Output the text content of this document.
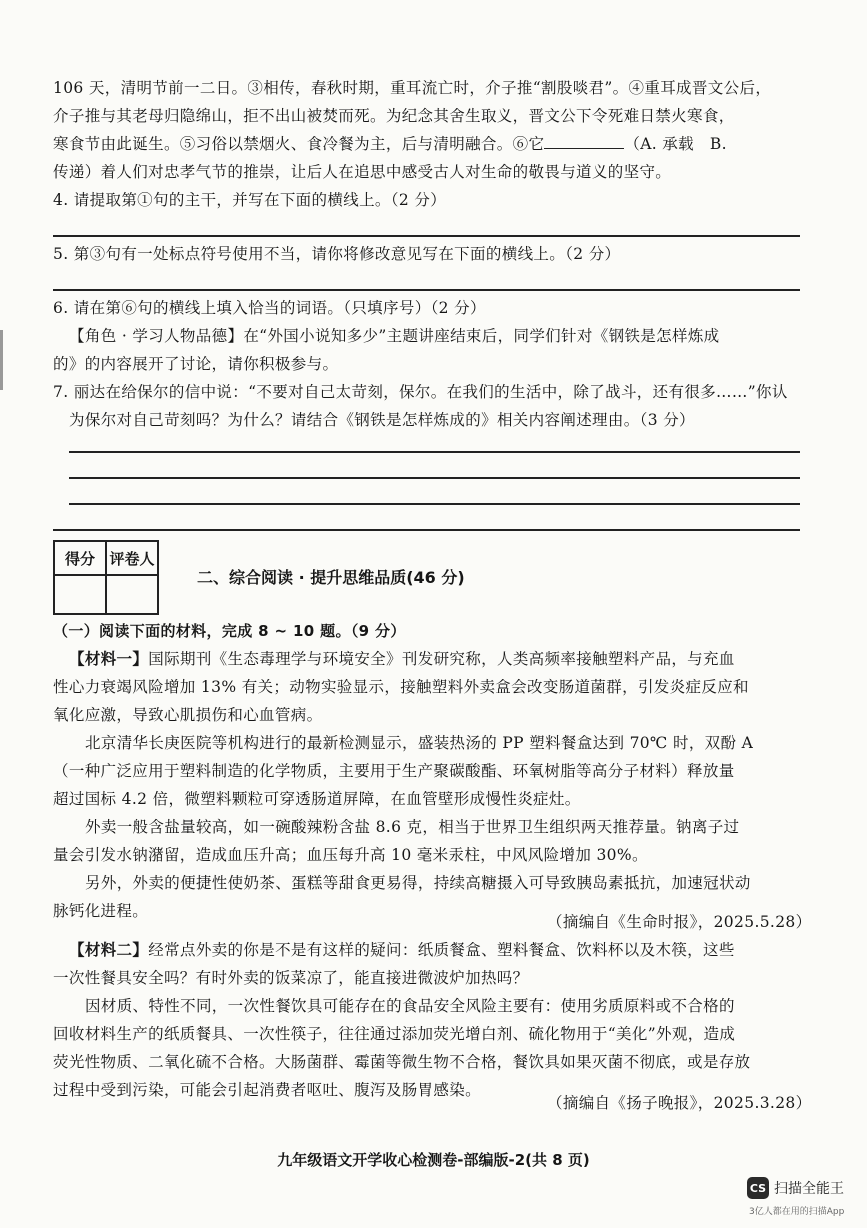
106 天，清明节前一二日。③相传，春秋时期，重耳流亡时，介子推“割股啖君”。④重耳成晋文公后，
介子推与其老母归隐绵山，拒不出山被焚而死。为纪念其舍生取义，晋文公下令死难日禁火寒食，
寒食节由此诞生。⑤习俗以禁烟火、食冷餐为主，后与清明融合。⑥它	（A. 承载　B.
传递）着人们对忠孝气节的推崇，让后人在追思中感受古人对生命的敬畏与道义的坚守。
4. 请提取第①句的主干，并写在下面的横线上。（2 分）
5. 第③句有一处标点符号使用不当，请你将修改意见写在下面的横线上。（2 分）
6. 请在第⑥句的横线上填入恰当的词语。（只填序号）（2 分）
【角色 · 学习人物品德】在“外国小说知多少”主题讲座结束后，同学们针对《钢铁是怎样炼成
的》的内容展开了讨论，请你积极参与。
7. 丽达在给保尔的信中说：“不要对自己太苛刻，保尔。在我们的生活中，除了战斗，还有很多……”你认
为保尔对自己苛刻吗？为什么？请结合《钢铁是怎样炼成的》相关内容阐述理由。（3 分）
得分	评卷人

二、综合阅读 · 提升思维品质(46 分)
（一）阅读下面的材料，完成 8 ~ 10 题。（9 分）
【材料一】国际期刊《生态毒理学与环境安全》刊发研究称，人类高频率接触塑料产品，与充血
性心力衰竭风险增加 13% 有关；动物实验显示，接触塑料外卖盒会改变肠道菌群，引发炎症反应和
氧化应激，导致心肌损伤和心血管病。
北京清华长庚医院等机构进行的最新检测显示，盛装热汤的 PP 塑料餐盒达到 70℃ 时，双酚 A
（一种广泛应用于塑料制造的化学物质，主要用于生产聚碳酸酯、环氧树脂等高分子材料）释放量
超过国标 4.2 倍，微塑料颗粒可穿透肠道屏障，在血管壁形成慢性炎症灶。
外卖一般含盐量较高，如一碗酸辣粉含盐 8.6 克，相当于世界卫生组织两天推荐量。钠离子过
量会引发水钠潴留，造成血压升高；血压每升高 10 毫米汞柱，中风风险增加 30%。
另外，外卖的便捷性使奶茶、蛋糕等甜食更易得，持续高糖摄入可导致胰岛素抵抗，加速冠状动
脉钙化进程。
（摘编自《生命时报》，2025.5.28）
【材料二】经常点外卖的你是不是有这样的疑问：纸质餐盒、塑料餐盒、饮料杯以及木筷，这些
一次性餐具安全吗？有时外卖的饭菜凉了，能直接进微波炉加热吗？
因材质、特性不同，一次性餐饮具可能存在的食品安全风险主要有：使用劣质原料或不合格的
回收材料生产的纸质餐具、一次性筷子，往往通过添加荧光增白剂、硫化物用于“美化”外观，造成
荧光性物质、二氧化硫不合格。大肠菌群、霉菌等微生物不合格，餐饮具如果灭菌不彻底，或是存放
过程中受到污染，可能会引起消费者呕吐、腹泻及肠胃感染。
（摘编自《扬子晚报》，2025.3.28）
九年级语文开学收心检测卷-部编版-2(共 8 页)
CS 扫描全能王
3亿人都在用的扫描App
